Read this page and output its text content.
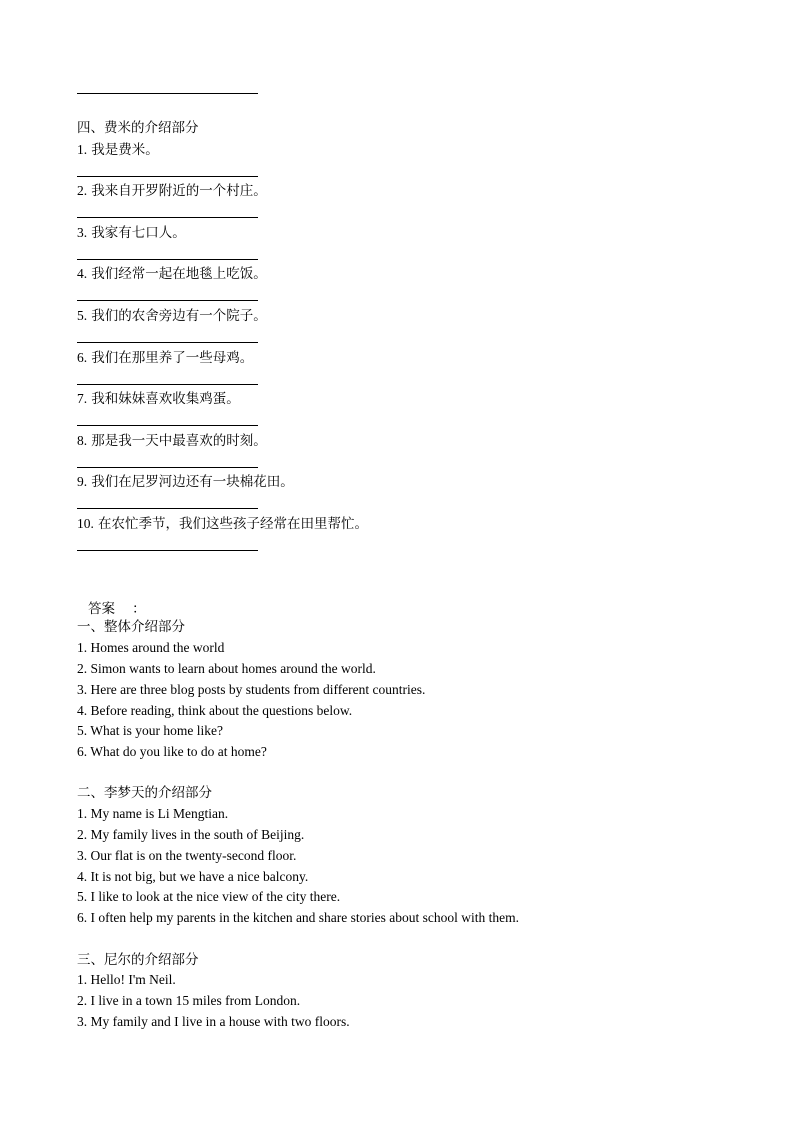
四、费米的介绍部分
1. 我是费米。
2. 我来自开罗附近的一个村庄。
3. 我家有七口人。
4. 我们经常一起在地毯上吃饭。
5. 我们的农舍旁边有一个院子。
6. 我们在那里养了一些母鸡。
7. 我和妹妹喜欢收集鸡蛋。
8. 那是我一天中最喜欢的时刻。
9. 我们在尼罗河边还有一块棉花田。
10. 在农忙季节，我们这些孩子经常在田里帮忙。
答案    ：
一、整体介绍部分
1. Homes around the world
2. Simon wants to learn about homes around the world.
3. Here are three blog posts by students from different countries.
4. Before reading, think about the questions below.
5. What is your home like?
6. What do you like to do at home?
二、李梦天的介绍部分
1. My name is Li Mengtian.
2. My family lives in the south of Beijing.
3. Our flat is on the twenty-second floor.
4. It is not big, but we have a nice balcony.
5. I like to look at the nice view of the city there.
6. I often help my parents in the kitchen and share stories about school with them.
三、尼尔的介绍部分
1. Hello! I'm Neil.
2. I live in a town 15 miles from London.
3. My family and I live in a house with two floors.
